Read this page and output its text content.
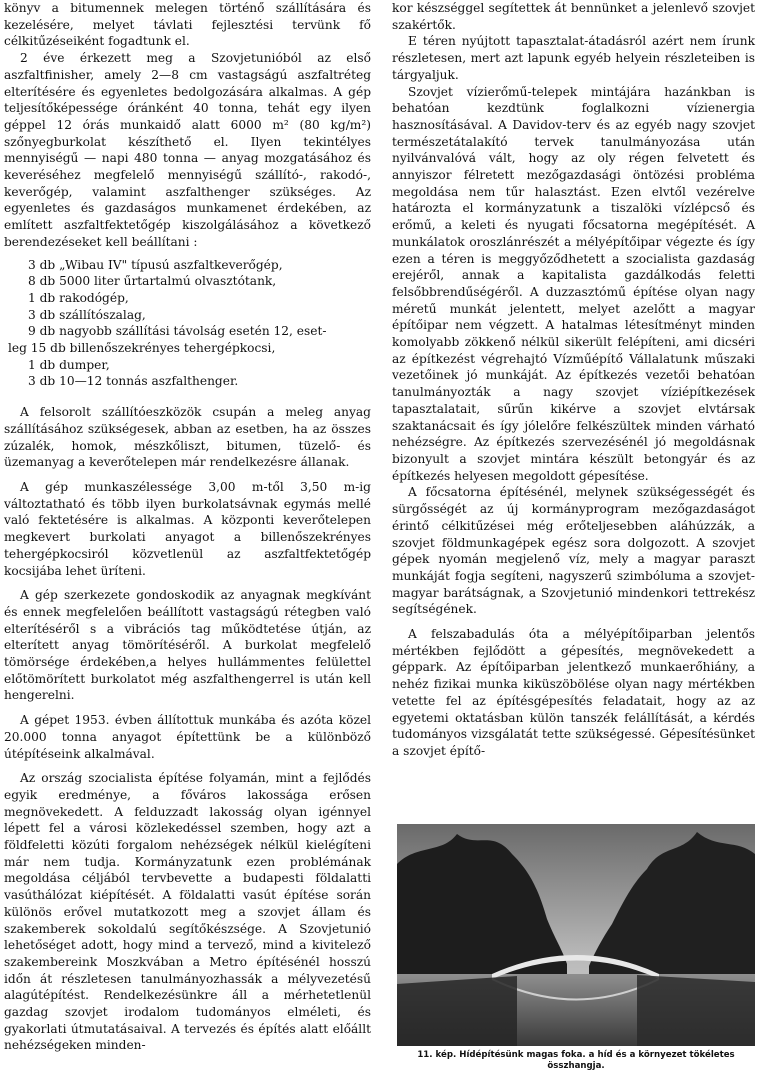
könyv a bitumennek melegen történő szállítására és kezelésére, melyet távlati fejlesztési tervünk fő célkitűzéseiként fogadtunk el.

2 éve érkezett meg a Szovjetunióból az első aszfaltfinisher, amely 2—8 cm vastagságú aszfaltréteg elterítésére és egyenletes bedolgozására alkalmas. A gép teljesítőképessége óránként 40 tonna, tehát egy ilyen géppel 12 órás munkaidő alatt 6000 m² (80 kg/m²) szőnyegburkolat készíthető el. Ilyen tekintélyes mennyiségű — napi 480 tonna — anyag mozgatásához és keveréséhez megfelelő mennyiségű szállító-, rakodó-, keverőgép, valamint aszfalthenger szükséges. Az egyenletes és gazdaságos munkamenet érdekében, az említett aszfaltfektetőgép kiszolgálásához a következő berendezéseket kell beállítani :

3 db „Wibau IV" típusú aszfaltkeverőgép,
8 db 5000 liter űrtartalmú olvasztótank,
1 db rakodógép,
3 db szállítószalag,
9 db nagyobb szállítási távolság esetén 12, eset-
leg 15 db billenőszekrényes tehergépkocsi,
1 db dumper,
3 db 10—12 tonnás aszfalthenger.

A felsorolt szállítóeszközök csupán a meleg anyag szállításához szükségesek, abban az esetben, ha az összes zúzalék, homok, mészkőliszt, bitumen, tüzelő- és üzemanyag a keverőtelepen már rendelkezésre állanak.

A gép munkaszélessége 3,00 m-től 3,50 m-ig változtatható és több ilyen burkolatsávnak egymás mellé való fektetésére is alkalmas. A központi keverőtelepen megkevert burkolati anyagot a billenőszekrényes tehergépkocsiról közvetlenül az aszfaltfektetőgép kocsijába lehet üríteni.

A gép szerkezete gondoskodik az anyagnak megkívánt és ennek megfelelően beállított vastagságú rétegben való elterítéséről s a vibrációs tag működtetése útján, az elterített anyag tömörítéséről. A burkolat megfelelő tömörsége érdekében,a helyes hullámmentes felülettel előtömörített burkolatot még aszfalthengerrel is után kell hengerelni.

A gépet 1953. évben állítottuk munkába és azóta közel 20.000 tonna anyagot építettünk be a különböző útépítéseink alkalmával.

Az ország szocialista építése folyamán, mint a fejlődés egyik eredménye, a főváros lakossága erősen megnövekedett. A felduzzadt lakosság olyan igénnyel lépett fel a városi közlekedéssel szemben, hogy azt a földfeletti közúti forgalom nehézségek nélkül kielégíteni már nem tudja. Kormányzatunk ezen problémának megoldása céljából tervbevette a budapesti földalatti vasúthálózat kiépítését. A földalatti vasút építése során különös erővel mutatkozott meg a szovjet állam és szakemberek sokoldalú segítőkészsége. A Szovjetunió lehetőséget adott, hogy mind a tervező, mind a kivitelező szakembereink Moszkvában a Metro építésénél hosszú időn át részletesen tanulmányozhassák a mélyvezetésű alagútépítést. Rendelkezésünkre áll a mérhetetlenül gazdag szovjet irodalom tudományos elméleti, és gyakorlati útmutatásaival. A tervezés és építés alatt előállt nehézségeken minden-

kor készséggel segítettek át bennünket a jelenlevő szovjet szakértők.

E téren nyújtott tapasztalat-átadásról azért nem írunk részletesen, mert azt lapunk egyéb helyein részleteiben is tárgyaljuk.

Szovjet vízierőmű-telepek mintájára hazánkban is behatóan kezdtünk foglalkozni vízienergia hasznosításával. A Davidov-terv és az egyéb nagy szovjet természetátalakító tervek tanulmányozása után nyilvánvalóvá vált, hogy az oly régen felvetett és annyiszor félretett mezőgazdasági öntözési probléma megoldása nem tűr halasztást. Ezen elvtől vezérelve határozta el kormányzatunk a tiszalöki vízlépcső és erőmű, a keleti és nyugati főcsatorna megépítését. A munkálatok oroszlánrészét a mélyépítőipar végezte és így ezen a téren is meggyőződhetett a szocialista gazdaság erejéről, annak a kapitalista gazdálkodás feletti felsőbbrendűségéről. A duzzasztómű építése olyan nagy méretű munkát jelentett, melyet azelőtt a magyar építőipar nem végzett. A hatalmas létesítményt minden komolyabb zökkenő nélkül sikerült felépíteni, ami dicséri az építkezést végrehajtó Vízműépítő Vállalatunk műszaki vezetőinek jó munkáját. Az építkezés vezetői behatóan tanulmányozták a nagy szovjet víziépítkezések tapasztalatait, sűrűn kikérve a szovjet elvtársak szaktanácsait és így jólelőre felkészültek minden várható nehézségre. Az építkezés szervezésénél jó megoldásnak bizonyult a szovjet mintára készült betongyár és az építkezés helyesen megoldott gépesítése.

A főcsatorna építésénél, melynek szükségességét és sürgősségét az új kormányprogram mezőgazdaságot érintő célkitűzései még erőteljesebben aláhúzzák, a szovjet földmunkagépek egész sora dolgozott. A szovjet gépek nyomán megjelenő víz, mely a magyar paraszt munkáját fogja segíteni, nagyszerű szimbóluma a szovjet-magyar barátságnak, a Szovjetunió mindenkori tettrekész segítségének.

A felszabadulás óta a mélyépítőiparban jelentős mértékben fejlődött a gépesítés, megnövekedett a géppark. Az építőiparban jelentkező munkaerőhiány, a nehéz fizikai munka kiküszöbölése olyan nagy mértékben vetette fel az építésgépesítés feladatait, hogy az az egyetemi oktatásban külön tanszék felállítását, a kérdés tudományos vizsgálatát tette szükségessé. Gépesítésünket a szovjet építő-

11. kép. Hídépítésünk magas foka. a híd és a környezet tökéletes összhangja.
